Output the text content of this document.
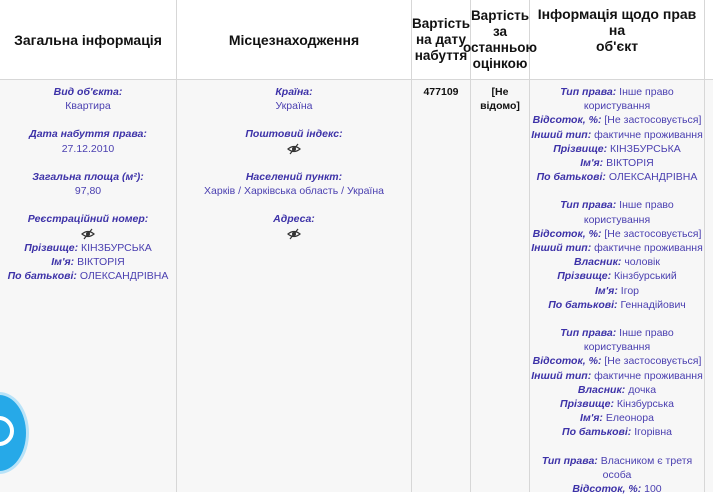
Загальна інформація	Місцезнаходження
Вартість
на дату
набуття
Вартість
за
останньою
оцінкою
Інформація щодо прав на
об'єкт
Вид об'єкта:
Квартира
Дата набуття права:
27.12.2010
Загальна площа (м²):
97,80
Реєстраційний номер:
Прізвище: КІНЗБУРСЬКА
Ім'я: ВІКТОРІЯ
По батькові: ОЛЕКСАНДРІВНА
Країна:
Україна
Поштовий індекс:
Населений пункт:
Харків / Харківська область / Україна
Адреса:
477109	[Не
відомо]
Тип права: Інше право
користування
Відсоток, %: [Не застосовується]
Інший тип: фактичне проживання
Прізвище: КІНЗБУРСЬКА
Ім'я: ВІКТОРІЯ
По батькові: ОЛЕКСАНДРІВНА
Тип права: Інше право
користування
Відсоток, %: [Не застосовується]
Інший тип: фактичне проживання
Власник: чоловік
Прізвище: Кінзбурський
Ім'я: Ігор
По батькові: Геннадійович
Тип права: Інше право
користування
Відсоток, %: [Не застосовується]
Інший тип: фактичне проживання
Власник: дочка
Прізвище: Кінзбурська
Ім'я: Елеонора
По батькові: Ігорівна
Тип права: Власником є третя
особа
Відсоток, %: 100
